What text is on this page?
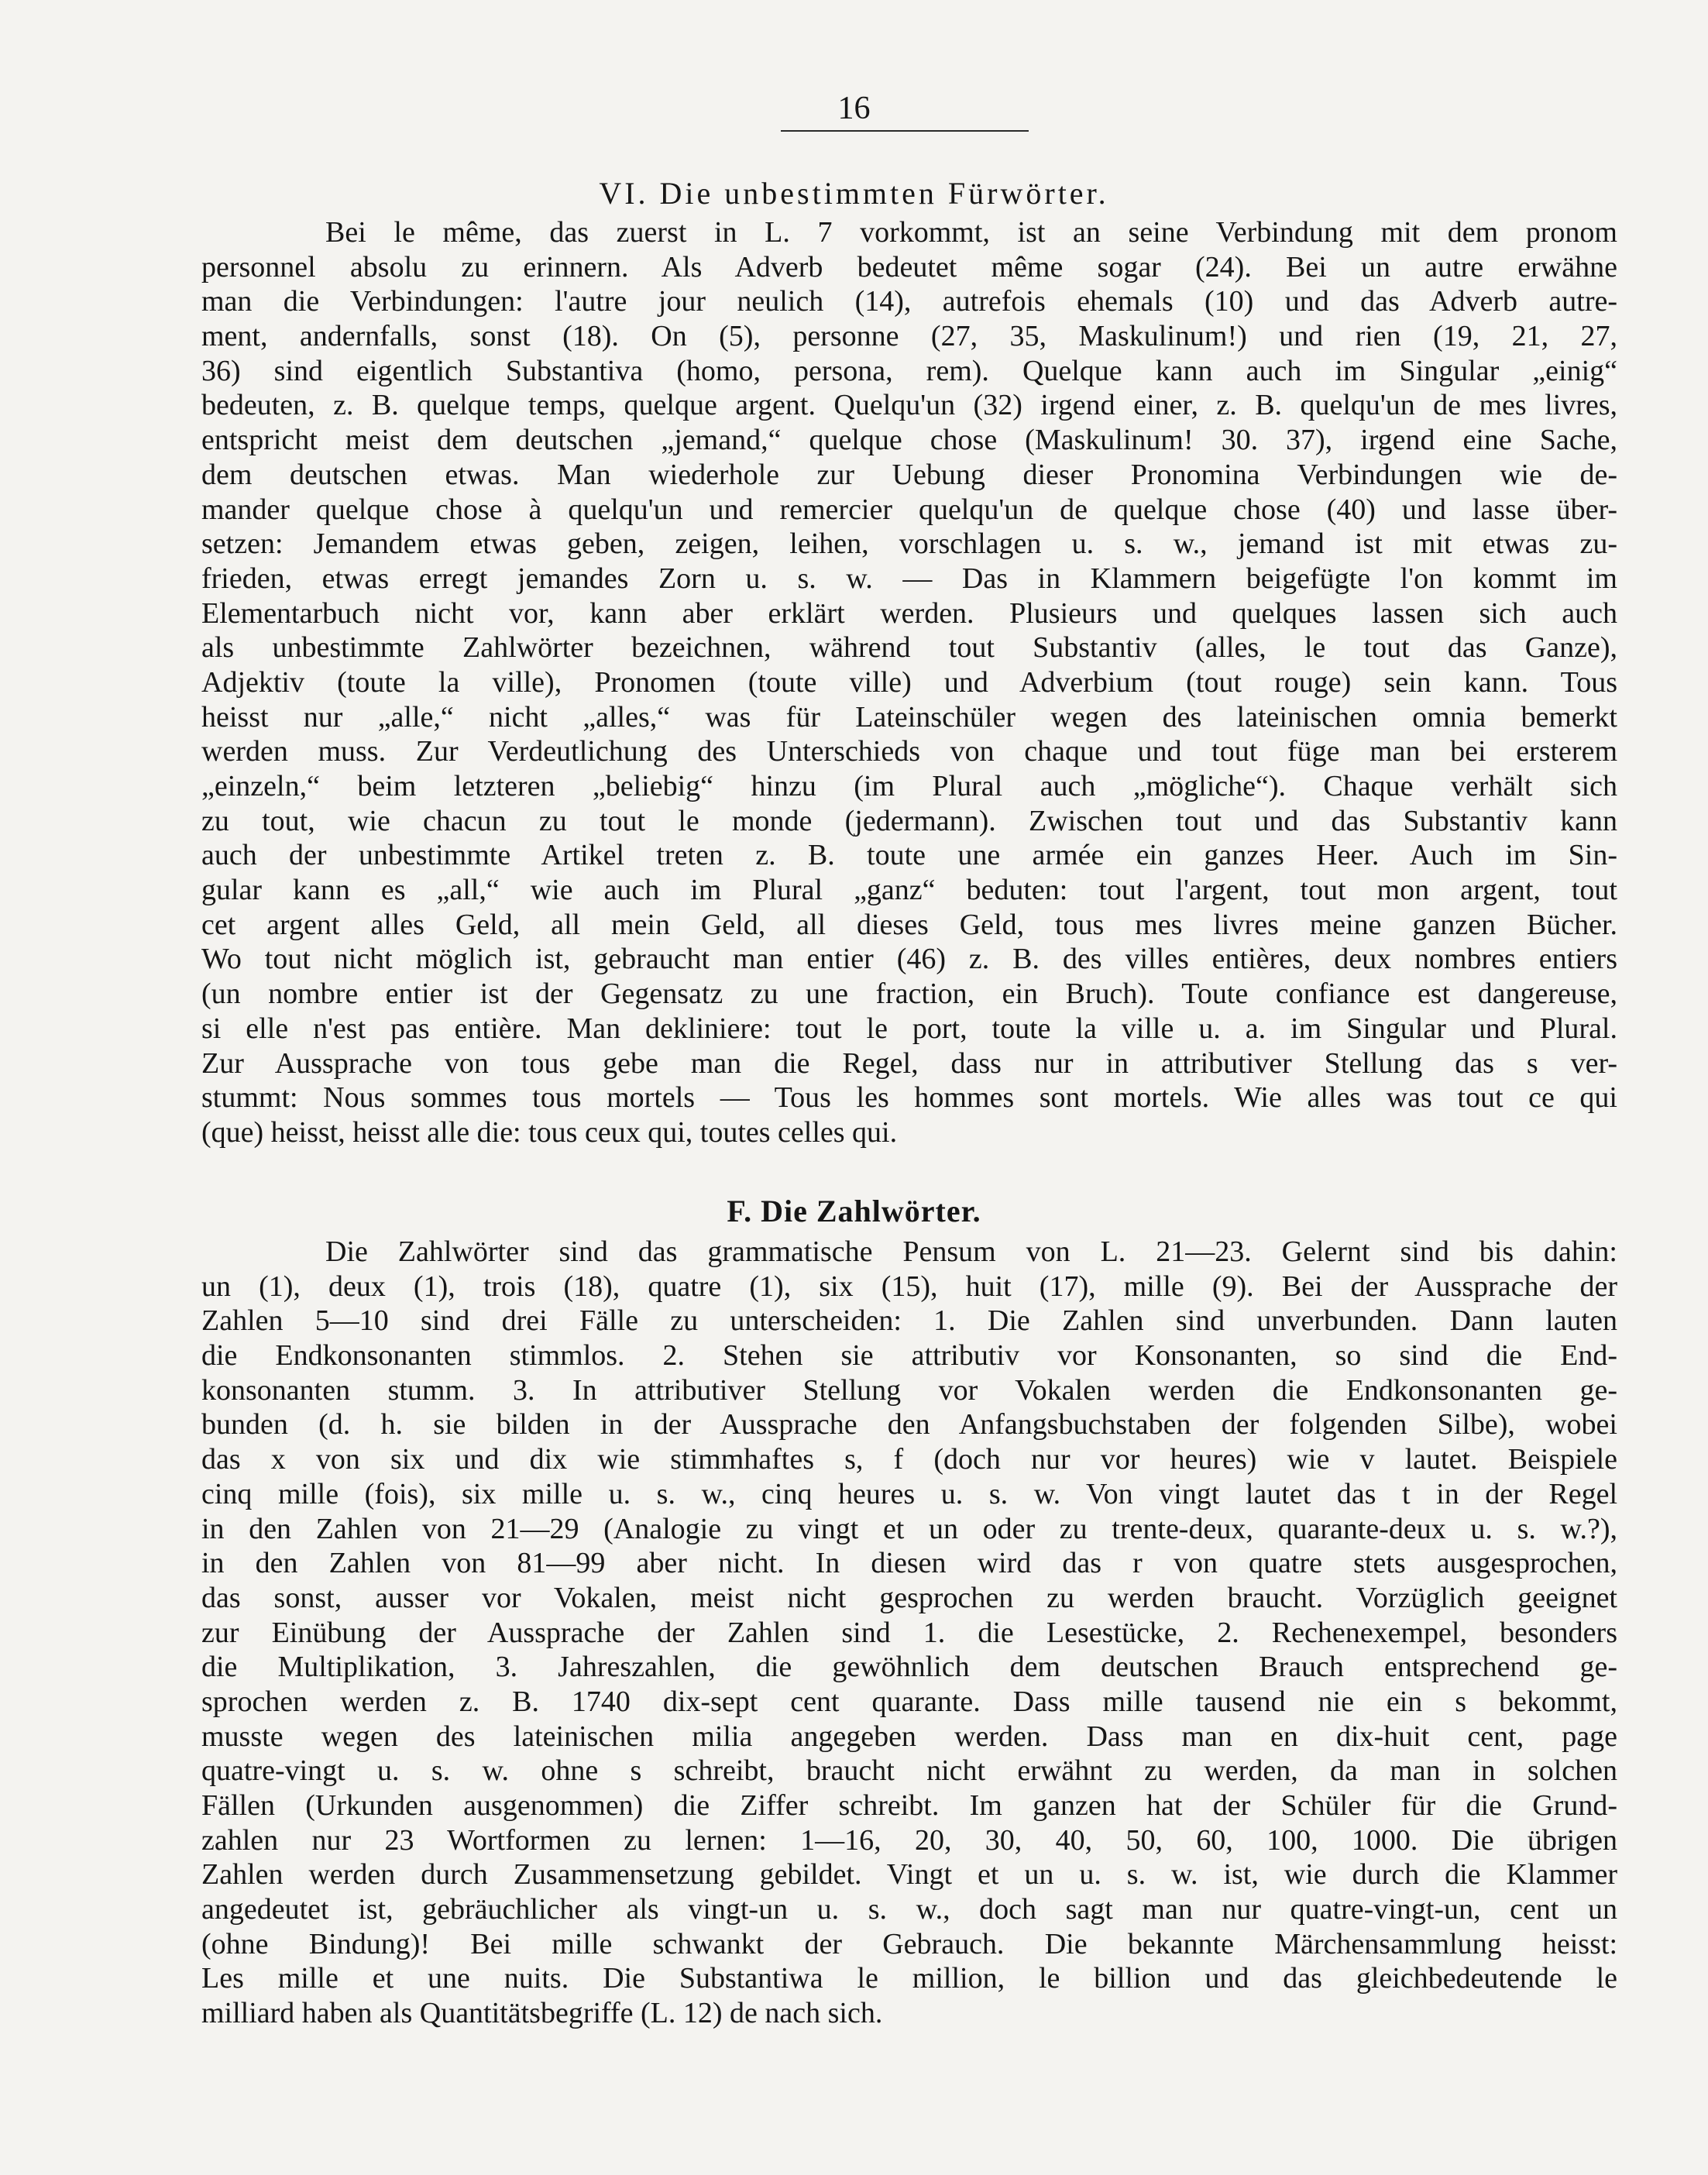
16
VI. Die unbestimmten Fürwörter.
Bei le même, das zuerst in L. 7 vorkommt, ist an seine Verbindung mit dem pronom
personnel absolu zu erinnern. Als Adverb bedeutet même sogar (24). Bei un autre erwähne
man die Verbindungen: l'autre jour neulich (14), autrefois ehemals (10) und das Adverb autre-
ment, andernfalls, sonst (18). On (5), personne (27, 35, Maskulinum!) und rien (19, 21, 27,
36) sind eigentlich Substantiva (homo, persona, rem). Quelque kann auch im Singular „einig“
bedeuten, z. B. quelque temps, quelque argent. Quelqu'un (32) irgend einer, z. B. quelqu'un de mes livres,
entspricht meist dem deutschen „jemand,“ quelque chose (Maskulinum! 30. 37), irgend eine Sache,
dem deutschen etwas. Man wiederhole zur Uebung dieser Pronomina Verbindungen wie de-
mander quelque chose à quelqu'un und remercier quelqu'un de quelque chose (40) und lasse über-
setzen: Jemandem etwas geben, zeigen, leihen, vorschlagen u. s. w., jemand ist mit etwas zu-
frieden, etwas erregt jemandes Zorn u. s. w. — Das in Klammern beigefügte l'on kommt im
Elementarbuch nicht vor, kann aber erklärt werden. Plusieurs und quelques lassen sich auch
als unbestimmte Zahlwörter bezeichnen, während tout Substantiv (alles, le tout das Ganze),
Adjektiv (toute la ville), Pronomen (toute ville) und Adverbium (tout rouge) sein kann. Tous
heisst nur „alle,“ nicht „alles,“ was für Lateinschüler wegen des lateinischen omnia bemerkt
werden muss. Zur Verdeutlichung des Unterschieds von chaque und tout füge man bei ersterem
„einzeln,“ beim letzteren „beliebig“ hinzu (im Plural auch „mögliche“). Chaque verhält sich
zu tout, wie chacun zu tout le monde (jedermann). Zwischen tout und das Substantiv kann
auch der unbestimmte Artikel treten z. B. toute une armée ein ganzes Heer. Auch im Sin-
gular kann es „all,“ wie auch im Plural „ganz“ beduten: tout l'argent, tout mon argent, tout
cet argent alles Geld, all mein Geld, all dieses Geld, tous mes livres meine ganzen Bücher.
Wo tout nicht möglich ist, gebraucht man entier (46) z. B. des villes entières, deux nombres entiers
(un nombre entier ist der Gegensatz zu une fraction, ein Bruch). Toute confiance est dangereuse,
si elle n'est pas entière. Man dekliniere: tout le port, toute la ville u. a. im Singular und Plural.
Zur Aussprache von tous gebe man die Regel, dass nur in attributiver Stellung das s ver-
stummt: Nous sommes tous mortels — Tous les hommes sont mortels. Wie alles was tout ce qui
(que) heisst, heisst alle die: tous ceux qui, toutes celles qui.
F. Die Zahlwörter.
Die Zahlwörter sind das grammatische Pensum von L. 21—23. Gelernt sind bis dahin:
un (1), deux (1), trois (18), quatre (1), six (15), huit (17), mille (9). Bei der Aussprache der
Zahlen 5—10 sind drei Fälle zu unterscheiden: 1. Die Zahlen sind unverbunden. Dann lauten
die Endkonsonanten stimmlos. 2. Stehen sie attributiv vor Konsonanten, so sind die End-
konsonanten stumm. 3. In attributiver Stellung vor Vokalen werden die Endkonsonanten ge-
bunden (d. h. sie bilden in der Aussprache den Anfangsbuchstaben der folgenden Silbe), wobei
das x von six und dix wie stimmhaftes s, f (doch nur vor heures) wie v lautet. Beispiele
cinq mille (fois), six mille u. s. w., cinq heures u. s. w. Von vingt lautet das t in der Regel
in den Zahlen von 21—29 (Analogie zu vingt et un oder zu trente-deux, quarante-deux u. s. w.?),
in den Zahlen von 81—99 aber nicht. In diesen wird das r von quatre stets ausgesprochen,
das sonst, ausser vor Vokalen, meist nicht gesprochen zu werden braucht. Vorzüglich geeignet
zur Einübung der Aussprache der Zahlen sind 1. die Lesestücke, 2. Rechenexempel, besonders
die Multiplikation, 3. Jahreszahlen, die gewöhnlich dem deutschen Brauch entsprechend ge-
sprochen werden z. B. 1740 dix-sept cent quarante. Dass mille tausend nie ein s bekommt,
musste wegen des lateinischen milia angegeben werden. Dass man en dix-huit cent, page
quatre-vingt u. s. w. ohne s schreibt, braucht nicht erwähnt zu werden, da man in solchen
Fällen (Urkunden ausgenommen) die Ziffer schreibt. Im ganzen hat der Schüler für die Grund-
zahlen nur 23 Wortformen zu lernen: 1—16, 20, 30, 40, 50, 60, 100, 1000. Die übrigen
Zahlen werden durch Zusammensetzung gebildet. Vingt et un u. s. w. ist, wie durch die Klammer
angedeutet ist, gebräuchlicher als vingt-un u. s. w., doch sagt man nur quatre-vingt-un, cent un
(ohne Bindung)! Bei mille schwankt der Gebrauch. Die bekannte Märchensammlung heisst:
Les mille et une nuits. Die Substantiwa le million, le billion und das gleichbedeutende le
milliard haben als Quantitätsbegriffe (L. 12) de nach sich.
